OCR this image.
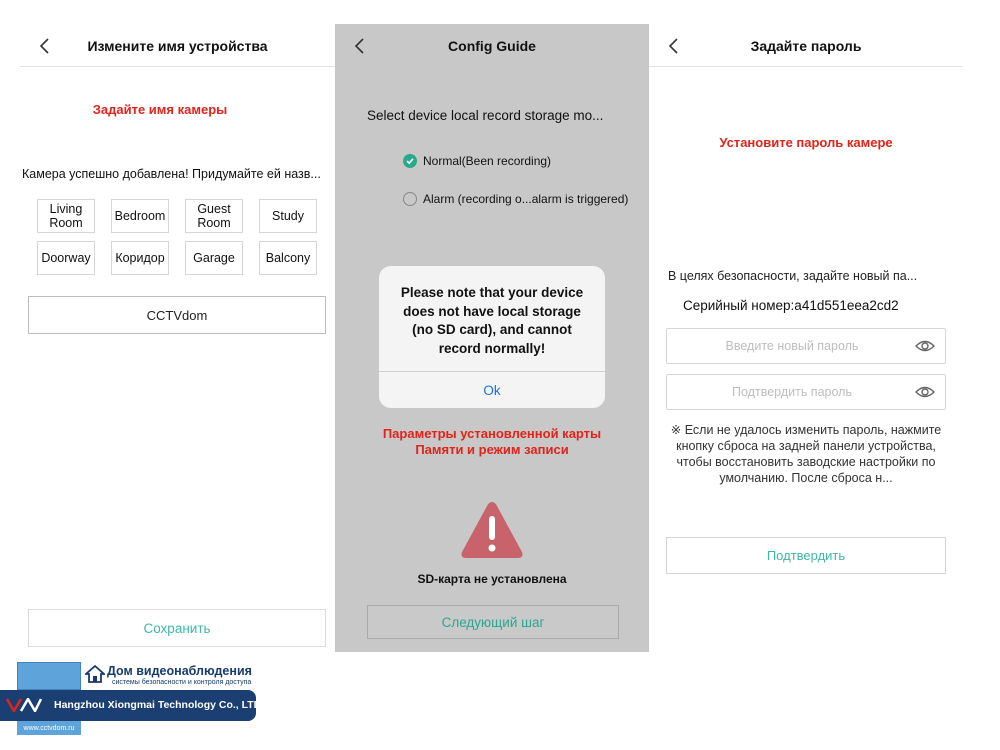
Измените имя устройства
Задайте имя камеры
Камера успешно добавлена! Придумайте ей назв...
Living Room	Bedroom	Guest Room	Study
Doorway	Коридор	Garage	Balcony
CCTVdom
Сохранить
Config Guide
Select device local record storage mo...
Normal(Been recording)
Alarm (recording o...alarm is triggered)
Please note that your device does not have local storage (no SD card), and cannot record normally!
Ok
Параметры установленной карты Памяти и режим записи
SD-карта не установлена
Следующий шаг
Задайте пароль
Установите пароль камере
В целях безопасности, задайте новый па...
Серийный номер:a41d551eea2cd2
※ Если не удалось изменить пароль, нажмите кнопку сброса на задней панели устройства, чтобы восстановить заводские настройки по умолчанию. После сброса н...
Подтвердить
Дом видеонаблюдения
системы безопасности и контроля доступа
Hangzhou Xiongmai Technology Co., LTD
www.cctvdom.ru
